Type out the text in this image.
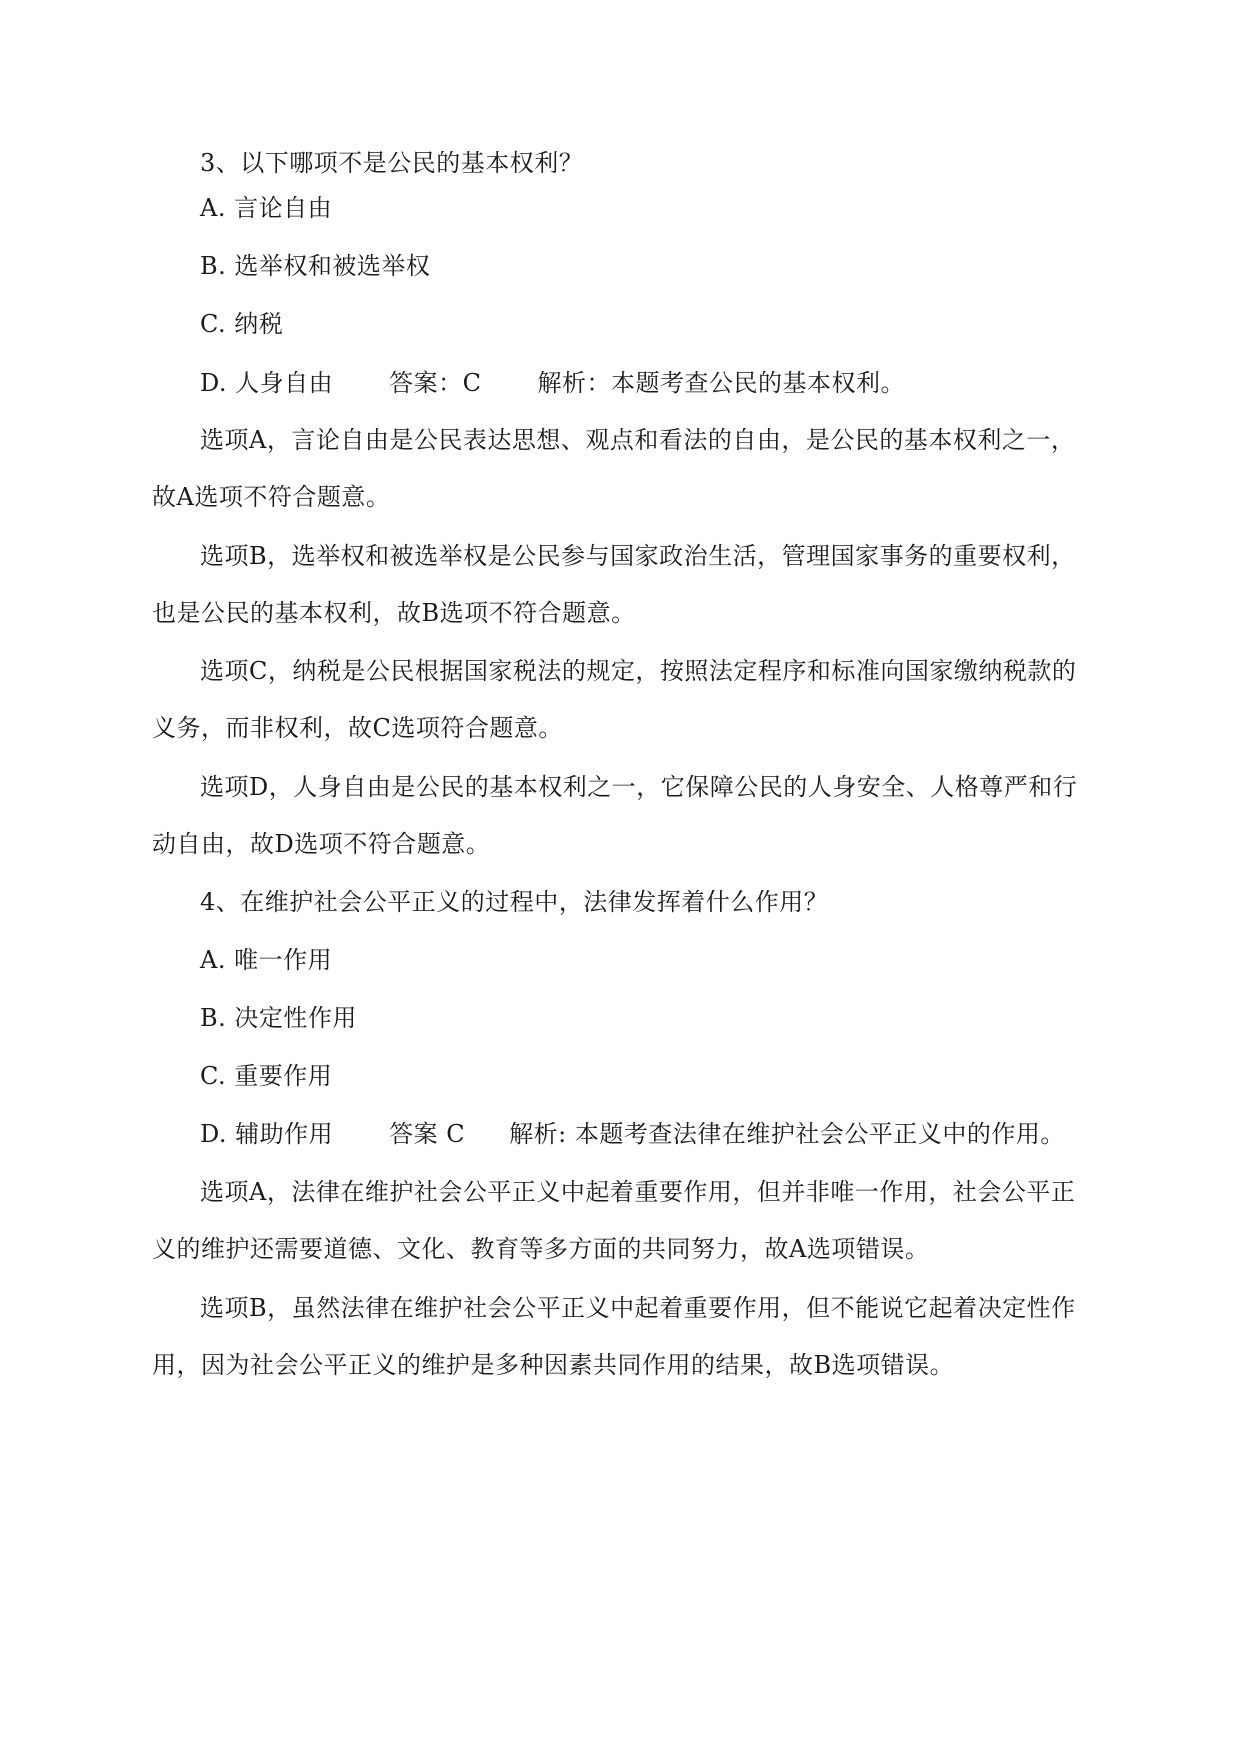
3、以下哪项不是公民的基本权利？
A. 言论自由
B. 选举权和被选举权
C. 纳税
D. 人身自由 答案：C 解析：本题考查公民的基本权利。
选项A，言论自由是公民表达思想、观点和看法的自由，是公民的基本权利之一，
故A选项不符合题意。
选项B，选举权和被选举权是公民参与国家政治生活，管理国家事务的重要权利，
也是公民的基本权利，故B选项不符合题意。
选项C，纳税是公民根据国家税法的规定，按照法定程序和标准向国家缴纳税款的
义务，而非权利，故C选项符合题意。
选项D，人身自由是公民的基本权利之一，它保障公民的人身安全、人格尊严和行
动自由，故D选项不符合题意。
4、在维护社会公平正义的过程中，法律发挥着什么作用？
A. 唯一作用
B. 决定性作用
C. 重要作用
D. 辅助作用 答案 C 解析: 本题考查法律在维护社会公平正义中的作用。
选项A，法律在维护社会公平正义中起着重要作用，但并非唯一作用，社会公平正
义的维护还需要道德、文化、教育等多方面的共同努力，故A选项错误。
选项B，虽然法律在维护社会公平正义中起着重要作用，但不能说它起着决定性作
用，因为社会公平正义的维护是多种因素共同作用的结果，故B选项错误。
